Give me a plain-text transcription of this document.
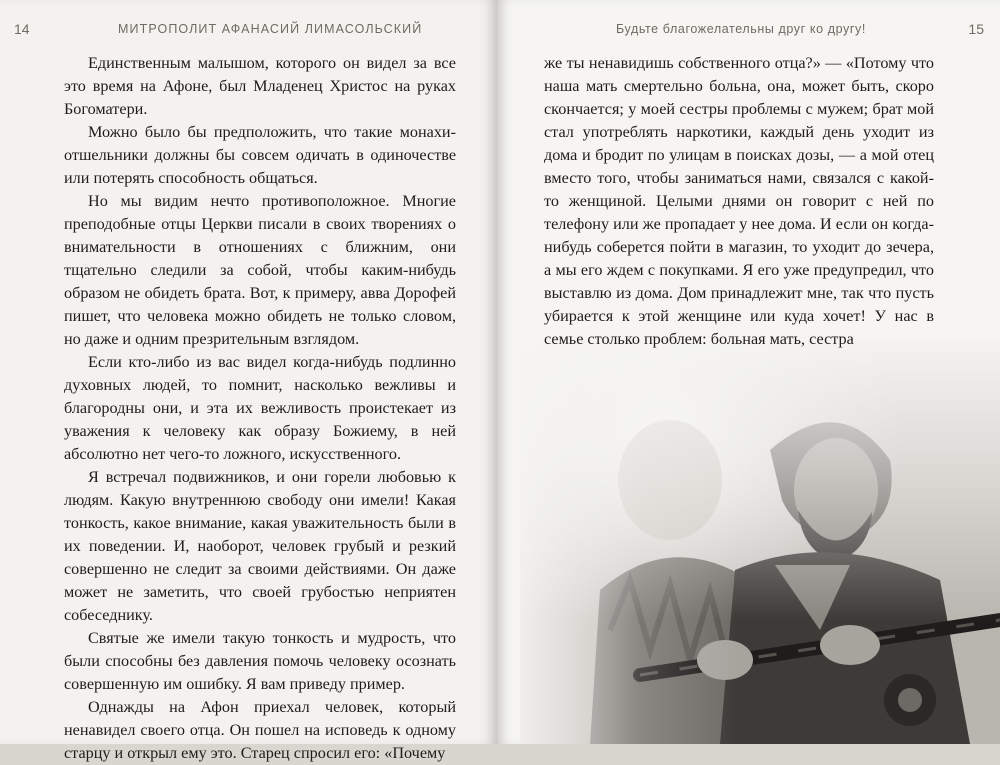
14	МИТРОПОЛИТ АФАНАСИЙ ЛИМАСОЛЬСКИЙ

Единственным малышом, которого он видел за все это время на Афоне, был Младенец Христос на руках Богоматери.

Можно было бы предположить, что такие монахи-отшельники должны бы совсем одичать в одиночестве или потерять способность общаться.

Но мы видим нечто противоположное. Многие преподобные отцы Церкви писали в своих творениях о внимательности в отношениях с ближним, они тщательно следили за собой, чтобы каким-нибудь образом не обидеть брата. Вот, к примеру, авва Дорофей пишет, что человека можно обидеть не только словом, но даже и одним презрительным взглядом.

Если кто-либо из вас видел когда-нибудь подлинно духовных людей, то помнит, насколько вежливы и благородны они, и эта их вежливость проистекает из уважения к человеку как образу Божиему, в ней абсолютно нет чего-то ложного, искусственного.

Я встречал подвижников, и они горели любовью к людям. Какую внутреннюю свободу они имели! Какая тонкость, какое внимание, какая уважительность были в их поведении. И, наоборот, человек грубый и резкий совершенно не следит за своими действиями. Он даже может не заметить, что своей грубостью неприятен собеседнику.

Святые же имели такую тонкость и мудрость, что были способны без давления помочь человеку осознать совершенную им ошибку. Я вам приведу пример.

Однажды на Афон приехал человек, который ненавидел своего отца. Он пошел на исповедь к одному старцу и открыл ему это. Старец спросил его: «Почему

Будьте благожелательны друг ко другу!	15

же ты ненавидишь собственного отца?» — «Потому что наша мать смертельно больна, она, может быть, скоро скончается; у моей сестры проблемы с мужем; брат мой стал употреблять наркотики, каждый день уходит из дома и бродит по улицам в поисках дозы, — а мой отец вместо того, чтобы заниматься нами, связался с какой-то женщиной. Целыми днями он говорит с ней по телефону или же пропадает у нее дома. И если он когда-нибудь соберется пойти в магазин, то уходит до зечера, а мы его ждем с покупками. Я его уже предупредил, что выставлю из дома. Дом принадлежит мне, так что пусть убирается к этой женщине или куда хочет! У нас в семье столько проблем: больная мать, сестра
